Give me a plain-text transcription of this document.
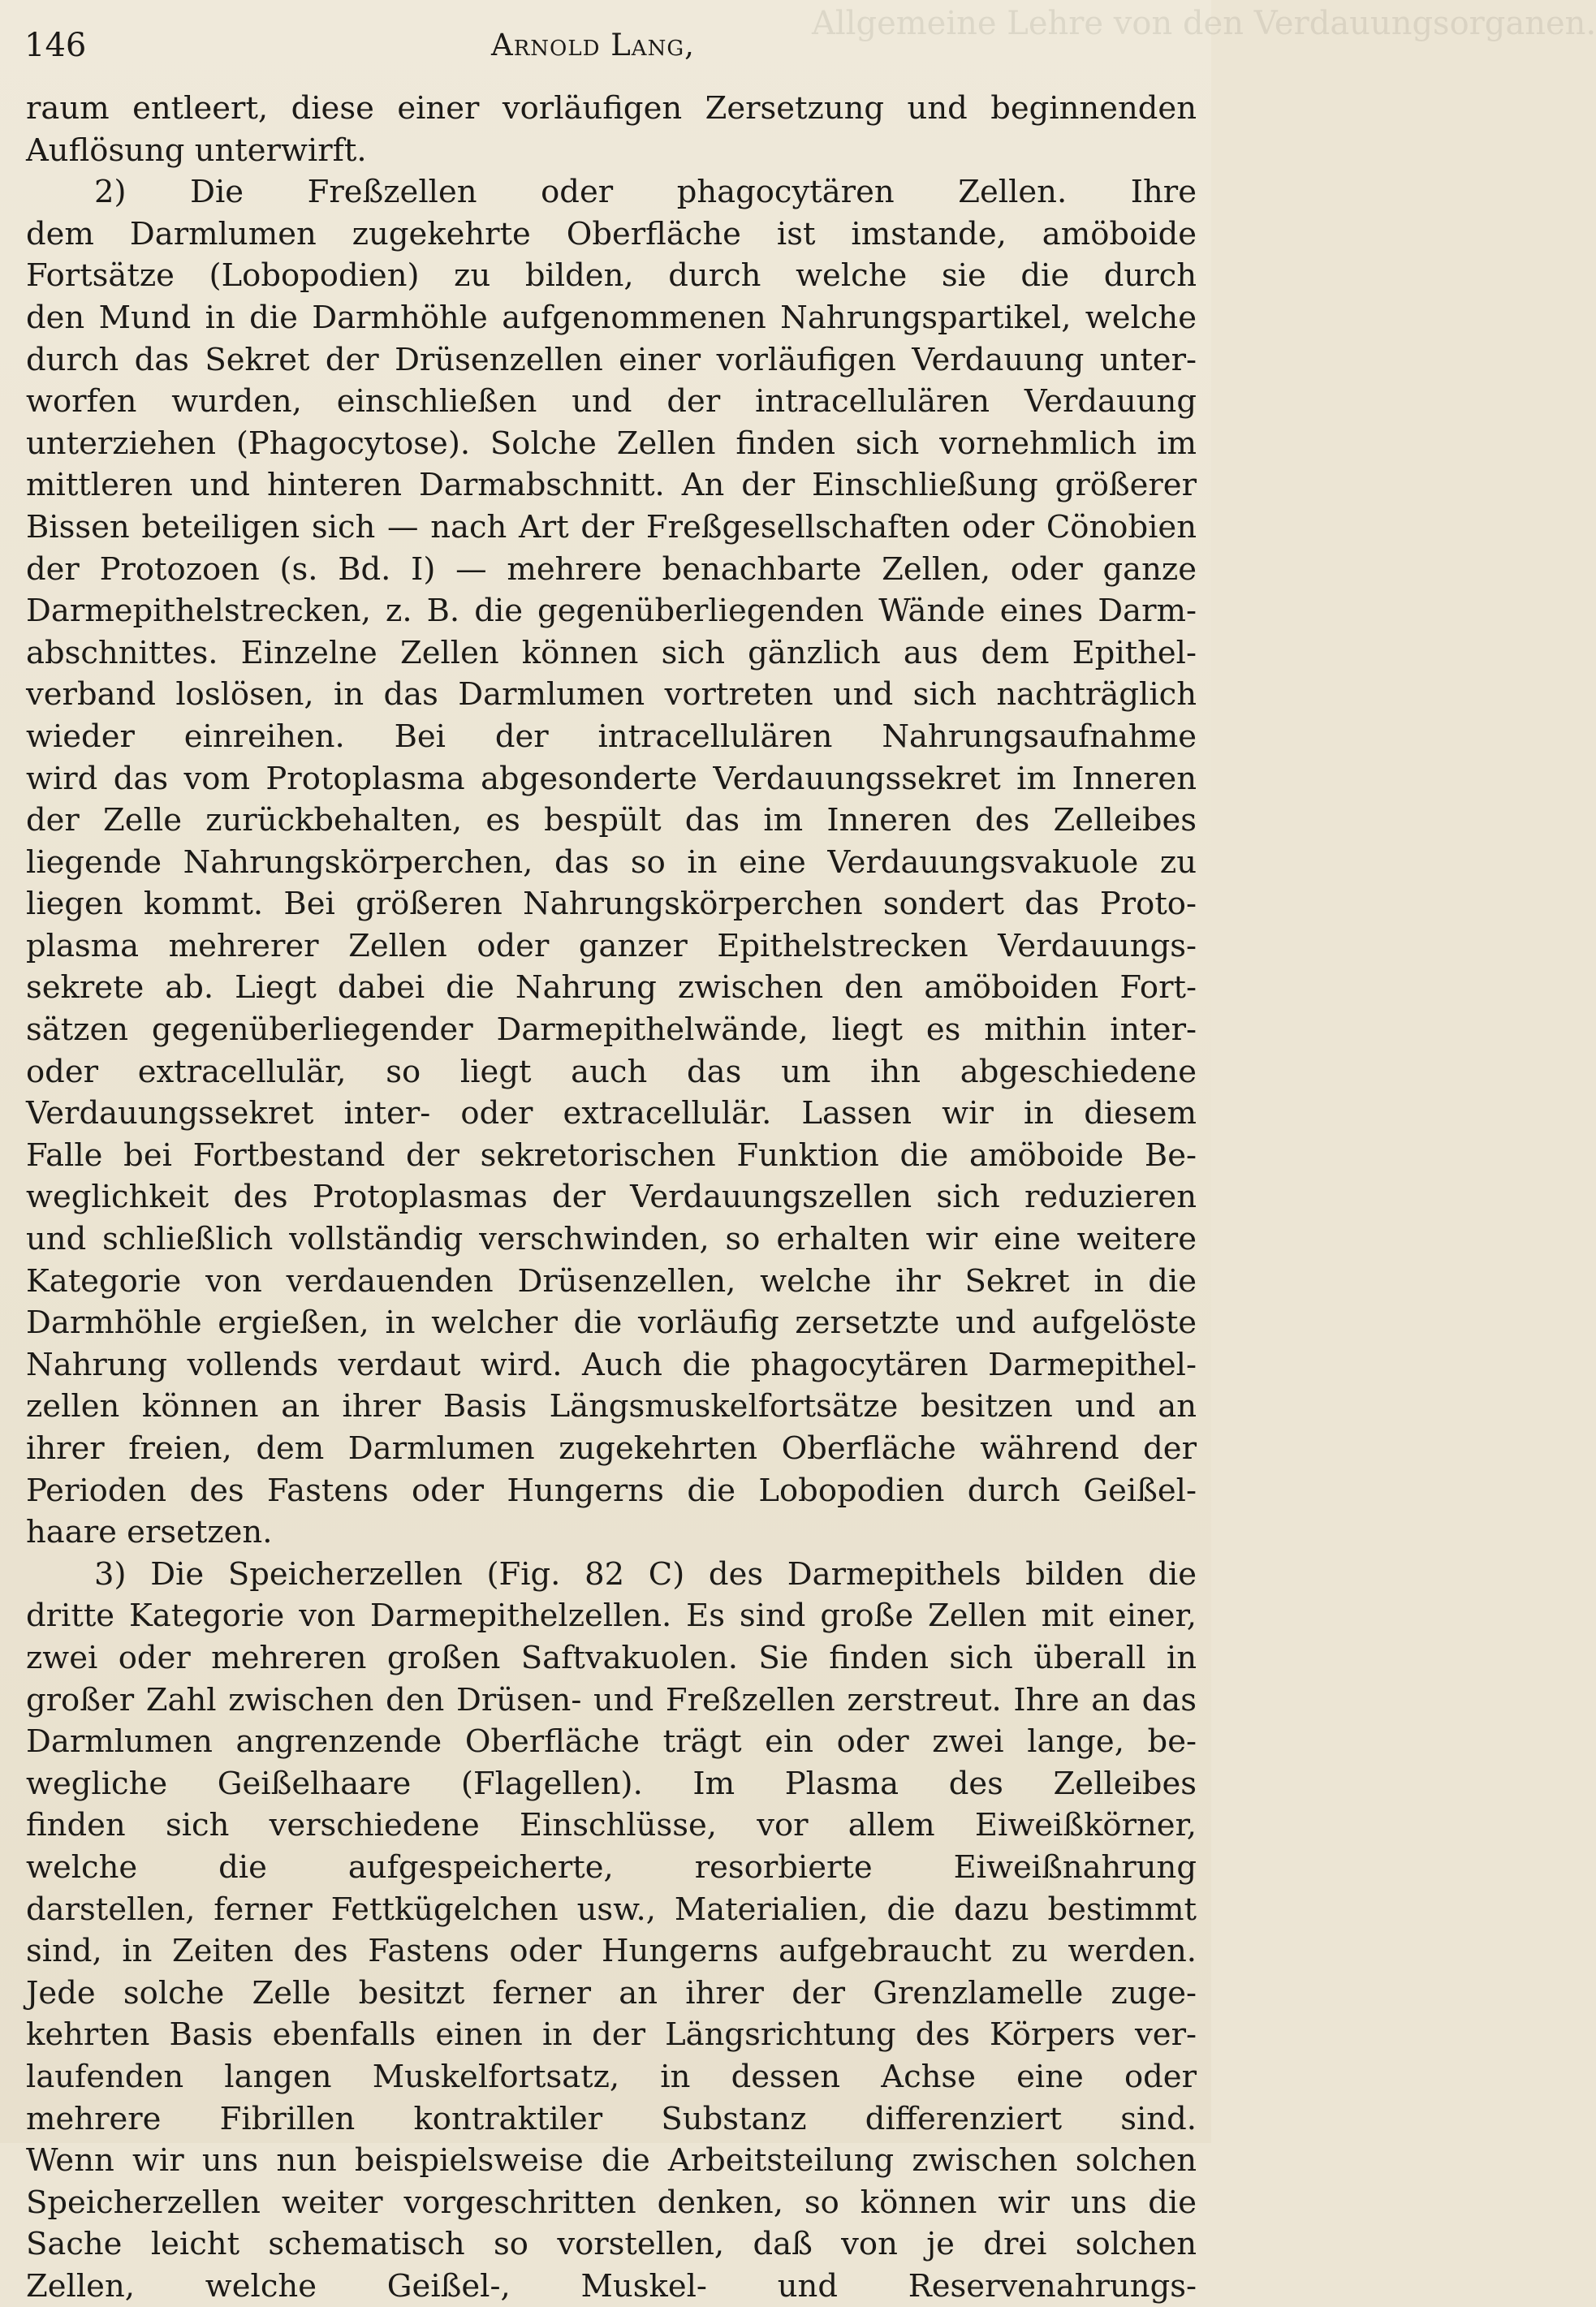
Allgemeine Lehre von den Verdauungsorganen.
146	Arnold Lang,
raum entleert, diese einer vorläufigen Zersetzung und beginnenden
Auflösung unterwirft.
2) Die Freßzellen oder phagocytären Zellen. Ihre
dem Darmlumen zugekehrte Oberfläche ist imstande, amöboide
Fortsätze (Lobopodien) zu bilden, durch welche sie die durch
den Mund in die Darmhöhle aufgenommenen Nahrungspartikel, welche
durch das Sekret der Drüsenzellen einer vorläufigen Verdauung unter-
worfen wurden, einschließen und der intracellulären Verdauung
unterziehen (Phagocytose). Solche Zellen finden sich vornehmlich im
mittleren und hinteren Darmabschnitt. An der Einschließung größerer
Bissen beteiligen sich — nach Art der Freßgesellschaften oder Cönobien
der Protozoen (s. Bd. I) — mehrere benachbarte Zellen, oder ganze
Darmepithelstrecken, z. B. die gegenüberliegenden Wände eines Darm-
abschnittes. Einzelne Zellen können sich gänzlich aus dem Epithel-
verband loslösen, in das Darmlumen vortreten und sich nachträglich
wieder einreihen. Bei der intracellulären Nahrungsaufnahme
wird das vom Protoplasma abgesonderte Verdauungssekret im Inneren
der Zelle zurückbehalten, es bespült das im Inneren des Zelleibes
liegende Nahrungskörperchen, das so in eine Verdauungsvakuole zu
liegen kommt. Bei größeren Nahrungskörperchen sondert das Proto-
plasma mehrerer Zellen oder ganzer Epithelstrecken Verdauungs-
sekrete ab. Liegt dabei die Nahrung zwischen den amöboiden Fort-
sätzen gegenüberliegender Darmepithelwände, liegt es mithin inter-
oder extracellulär, so liegt auch das um ihn abgeschiedene
Verdauungssekret inter- oder extracellulär. Lassen wir in diesem
Falle bei Fortbestand der sekretorischen Funktion die amöboide Be-
weglichkeit des Protoplasmas der Verdauungszellen sich reduzieren
und schließlich vollständig verschwinden, so erhalten wir eine weitere
Kategorie von verdauenden Drüsenzellen, welche ihr Sekret in die
Darmhöhle ergießen, in welcher die vorläufig zersetzte und aufgelöste
Nahrung vollends verdaut wird. Auch die phagocytären Darmepithel-
zellen können an ihrer Basis Längsmuskelfortsätze besitzen und an
ihrer freien, dem Darmlumen zugekehrten Oberfläche während der
Perioden des Fastens oder Hungerns die Lobopodien durch Geißel-
haare ersetzen.
3) Die Speicherzellen (Fig. 82 C) des Darmepithels bilden die
dritte Kategorie von Darmepithelzellen. Es sind große Zellen mit einer,
zwei oder mehreren großen Saftvakuolen. Sie finden sich überall in
großer Zahl zwischen den Drüsen- und Freßzellen zerstreut. Ihre an das
Darmlumen angrenzende Oberfläche trägt ein oder zwei lange, be-
wegliche Geißelhaare (Flagellen). Im Plasma des Zelleibes
finden sich verschiedene Einschlüsse, vor allem Eiweißkörner,
welche die aufgespeicherte, resorbierte Eiweißnahrung
darstellen, ferner Fettkügelchen usw., Materialien, die dazu bestimmt
sind, in Zeiten des Fastens oder Hungerns aufgebraucht zu werden.
Jede solche Zelle besitzt ferner an ihrer der Grenzlamelle zuge-
kehrten Basis ebenfalls einen in der Längsrichtung des Körpers ver-
laufenden langen Muskelfortsatz, in dessen Achse eine oder
mehrere Fibrillen kontraktiler Substanz differenziert sind.
Wenn wir uns nun beispielsweise die Arbeitsteilung zwischen solchen
Speicherzellen weiter vorgeschritten denken, so können wir uns die
Sache leicht schematisch so vorstellen, daß von je drei solchen
Zellen, welche Geißel-, Muskel- und Reservenahrungs-
